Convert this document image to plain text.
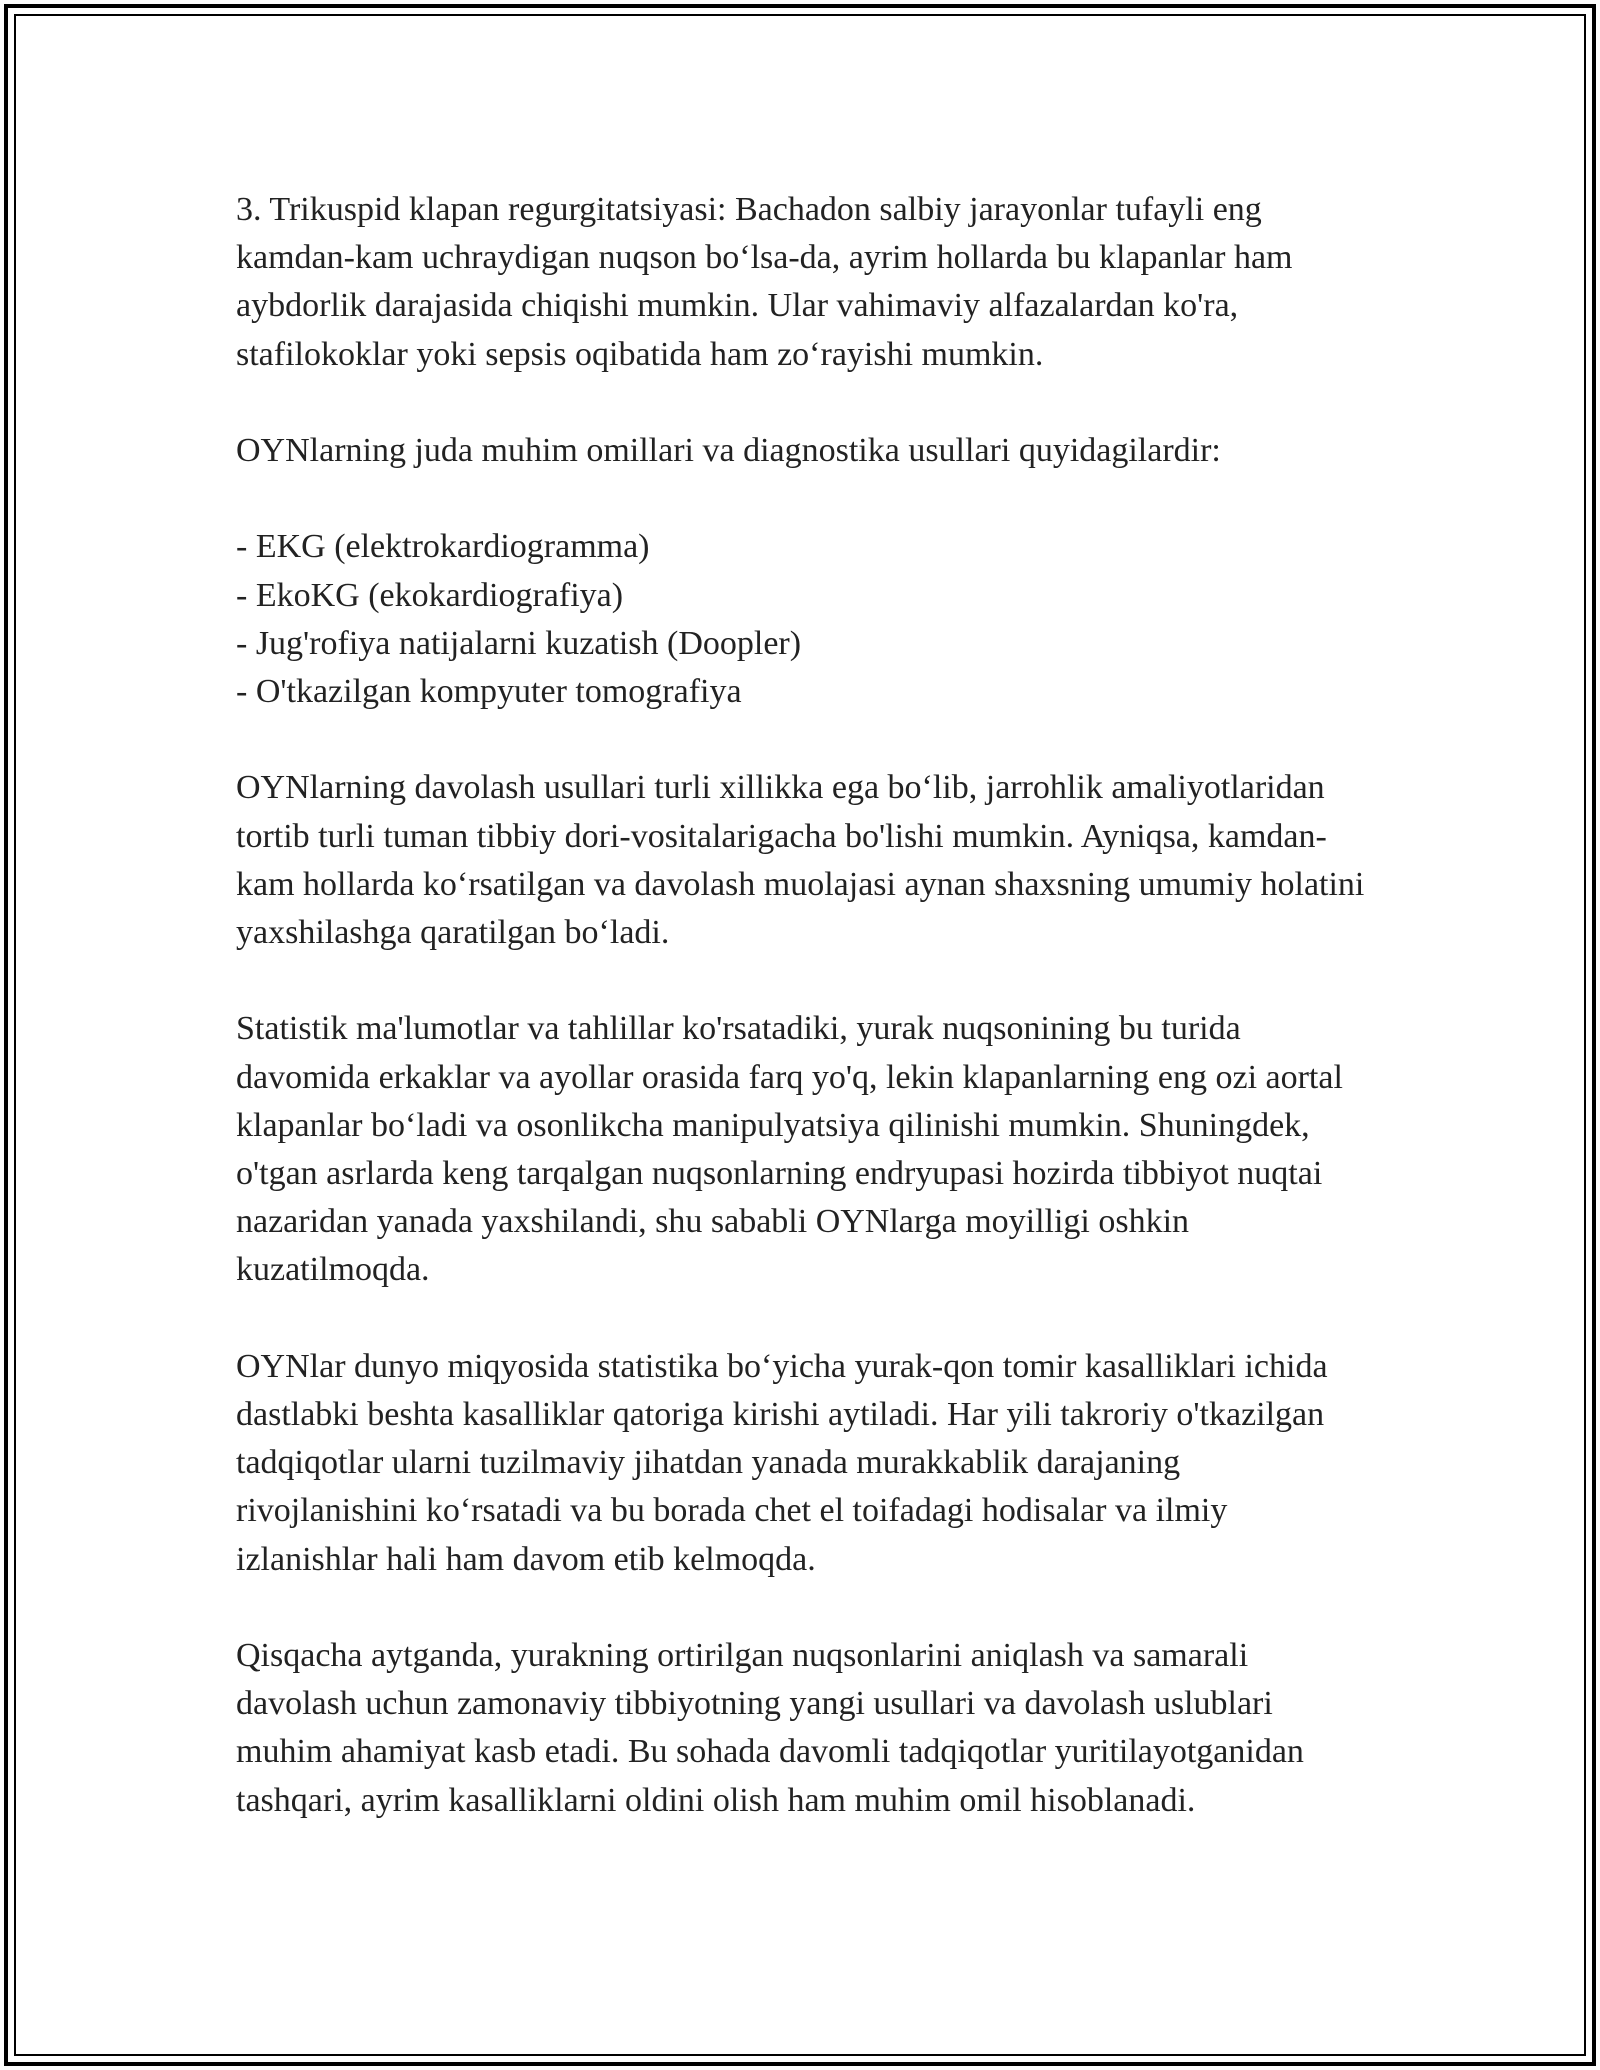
3. Trikuspid klapan regurgitatsiyasi: Bachadon salbiy jarayonlar tufayli eng kamdan-kam uchraydigan nuqson bo‘lsa-da, ayrim hollarda bu klapanlar ham aybdorlik darajasida chiqishi mumkin. Ular vahimaviy alfazalardan ko'ra, stafilokoklar yoki sepsis oqibatida ham zo‘rayishi mumkin.

OYNlarning juda muhim omillari va diagnostika usullari quyidagilardir:

- EKG (elektrokardiogramma)
- EkoKG (ekokardiografiya)
- Jug'rofiya natijalarni kuzatish (Doopler)
- O'tkazilgan kompyuter tomografiya

OYNlarning davolash usullari turli xillikka ega bo‘lib, jarrohlik amaliyotlaridan tortib turli tuman tibbiy dori-vositalarigacha bo'lishi mumkin. Ayniqsa, kamdan-kam hollarda ko‘rsatilgan va davolash muolajasi aynan shaxsning umumiy holatini yaxshilashga qaratilgan bo‘ladi.

Statistik ma'lumotlar va tahlillar ko'rsatadiki, yurak nuqsonining bu turida davomida erkaklar va ayollar orasida farq yo'q, lekin klapanlarning eng ozi aortal klapanlar bo‘ladi va osonlikcha manipulyatsiya qilinishi mumkin. Shuningdek, o'tgan asrlarda keng tarqalgan nuqsonlarning endryupasi hozirda tibbiyot nuqtai nazaridan yanada yaxshilandi, shu sababli OYNlarga moyilligi oshkin kuzatilmoqda.

OYNlar dunyo miqyosida statistika bo‘yicha yurak-qon tomir kasalliklari ichida dastlabki beshta kasalliklar qatoriga kirishi aytiladi. Har yili takroriy o'tkazilgan tadqiqotlar ularni tuzilmaviy jihatdan yanada murakkablik darajaning rivojlanishini ko‘rsatadi va bu borada chet el toifadagi hodisalar va ilmiy izlanishlar hali ham davom etib kelmoqda.

Qisqacha aytganda, yurakning ortirilgan nuqsonlarini aniqlash va samarali davolash uchun zamonaviy tibbiyotning yangi usullari va davolash uslublari muhim ahamiyat kasb etadi. Bu sohada davomli tadqiqotlar yuritilayotganidan tashqari, ayrim kasalliklarni oldini olish ham muhim omil hisoblanadi.
